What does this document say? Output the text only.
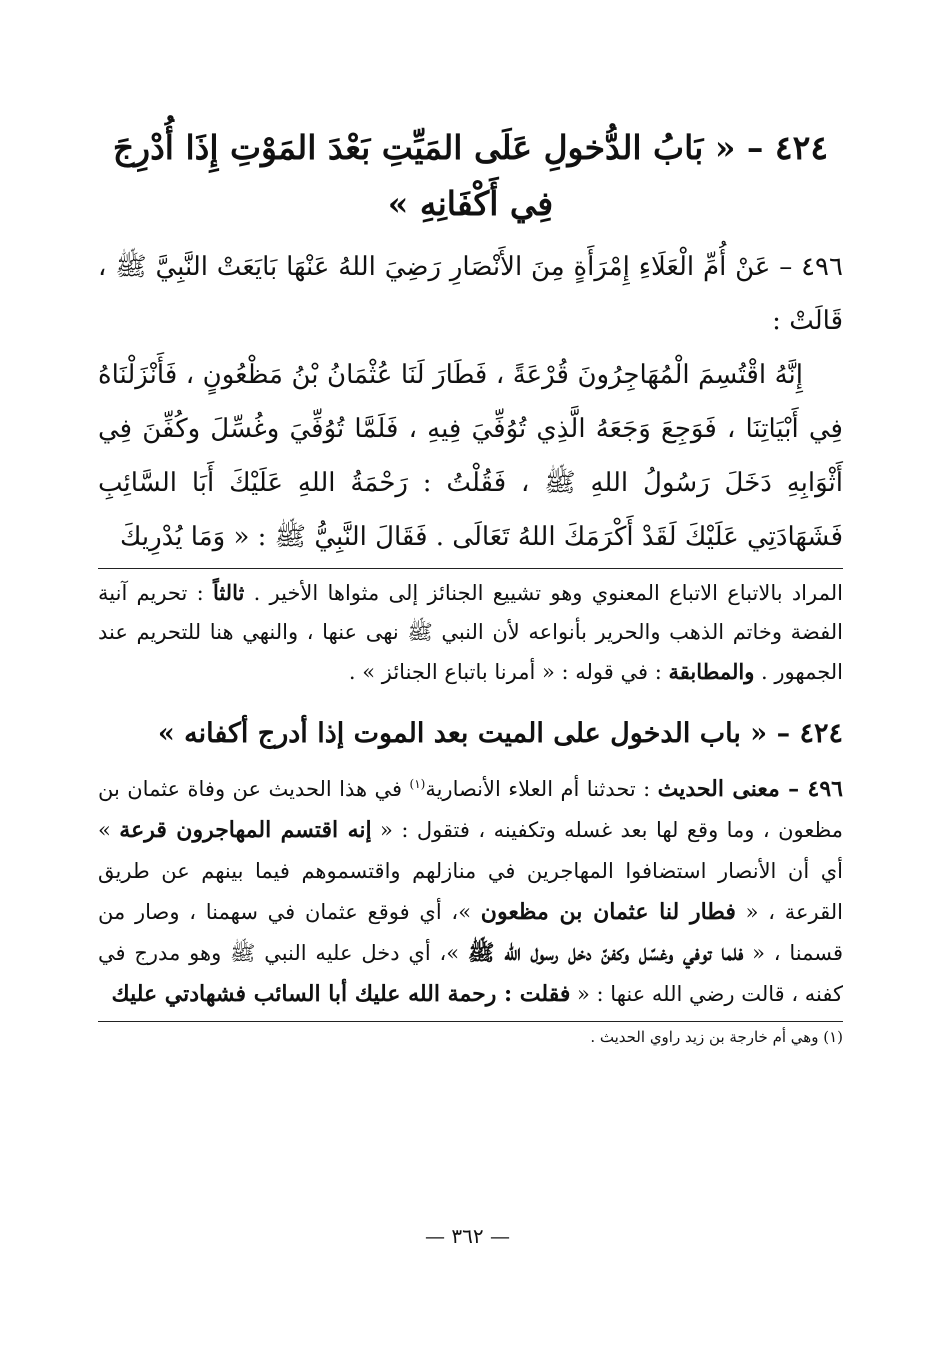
٤٢٤ – « بَابُ الدُّخولِ عَلَى المَيِّتِ بَعْدَ المَوْتِ إِذَا أُدْرِجَ فِي أَكْفَانِهِ »

٤٩٦ – عَنْ أُمِّ الْعَلَاءِ إِمْرَأَةٍ مِنَ الأَنْصَارِ رَضِيَ اللهُ عَنْهَا بَايَعَتْ النَّبِيَّ ﷺ ، قَالَتْ :

إِنَّهُ اقْتُسِمَ الْمُهَاجِرُونَ قُرْعَةً ، فَطَارَ لَنَا عُثْمَانُ بْنُ مَظْعُونٍ ، فَأَنْزَلْنَاهُ فِي أَبْيَاتِنَا ، فَوَجِعَ وَجَعَهُ الَّذِي تُوُفِّيَ فِيهِ ، فَلَمَّا تُوُفِّيَ وغُسِّلَ وكُفِّنَ فِي أَثْوَابِهِ دَخَلَ رَسُولُ اللهِ ﷺ ، فَقُلْتُ : رَحْمَةُ اللهِ عَلَيْكَ أَبَا السَّائِبِ فَشَهَادَتِي عَلَيْكَ لَقَدْ أَكْرَمَكَ اللهُ تَعَالَى . فَقَالَ النَّبِيُّ ﷺ : « وَمَا يُدْرِيكَ

المراد بالاتباع الاتباع المعنوي وهو تشييع الجنائز إلى مثواها الأخير . ثالثاً : تحريم آنية الفضة وخاتم الذهب والحرير بأنواعه لأن النبي ﷺ نهى عنها ، والنهي هنا للتحريم عند الجمهور . والمطابقة : في قوله : « أمرنا باتباع الجنائز » .

٤٢٤ – « باب الدخول على الميت بعد الموت إذا أدرج أكفانه »

٤٩٦ – معنى الحديث : تحدثنا أم العلاء الأنصارية$^{(١)}$ في هذا الحديث عن وفاة عثمان بن مظعون ، وما وقع لها بعد غسله وتكفينه ، فتقول : « إنه اقتسم المهاجرون قرعة » أي أن الأنصار استضافوا المهاجرين في منازلهم واقتسموهم فيما بينهم عن طريق القرعة ، « فطار لنا عثمان بن مظعون »، أي فوقع عثمان في سهمنا ، وصار من قسمنا ، « فلما توفي وغسّل وكفنّ دخل رسول الله ﷺ »، أي دخل عليه النبي ﷺ وهو مدرج في كفنه ، قالت رضي الله عنها : « فقلت : رحمة الله عليك أبا السائب فشهادتي عليك

(١) وهي أم خارجة بن زيد راوي الحديث .

— ٣٦٢ —
